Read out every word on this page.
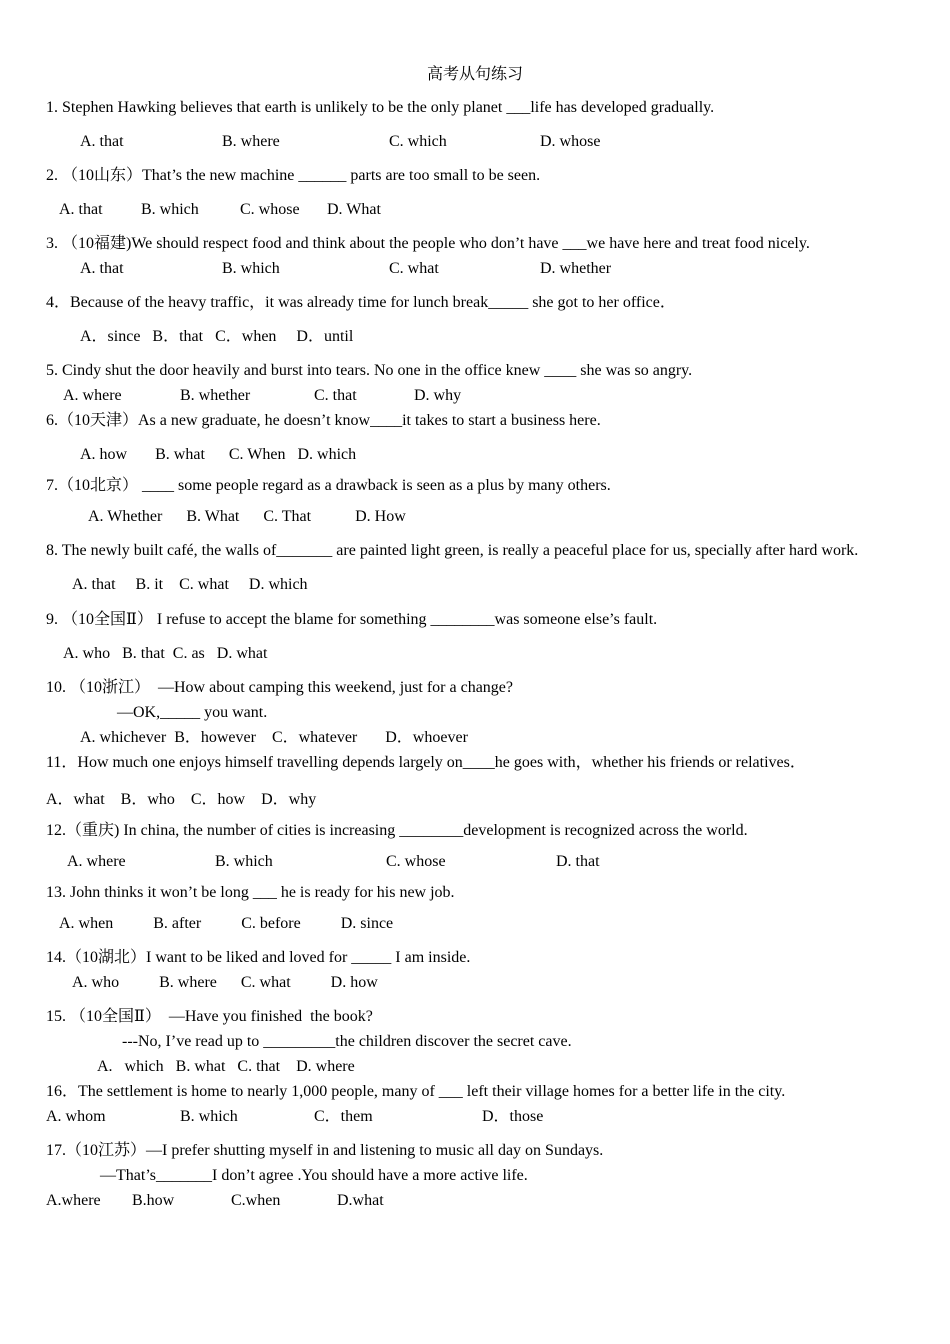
高考从句练习
1. Stephen Hawking believes that earth is unlikely to be the only planet ___life has developed gradually.
A. that	B. where	C. which	D. whose
2. （10山东）That’s the new machine ______ parts are too small to be seen.
A. that B. which	C. whose D. What
3. （10福建)We should respect food and think about the people who don’t have ___we have here and treat food nicely.
A. that	B. which	C. what	D. whether
4．Because of the heavy traffic，it was already time for lunch break_____ she got to her office．
A．since   B．that   C．when     D．until
5. Cindy shut the door heavily and burst into tears. No one in the office knew ____ she was so angry.
A. where	B. whether	C. that	D. why
6.（10天津）As a new graduate, he doesn’t know____it takes to start a business here.
A. how       B. what      C. When   D. which
7.（10北京） ____ some people regard as a drawback is seen as a plus by many others.
A. Whether      B. What      C. That           D. How
8. The newly built café, the walls of_______ are painted light green, is really a peaceful place for us, specially after hard work.
A. that     B. it    C. what     D. which
9. （10全国Ⅱ） I refuse to accept the blame for something ________was someone else’s fault.
A. who   B. that  C. as   D. what
10. （10浙江）  —How about camping this weekend, just for a change?
—OK,_____ you want.
A. whichever  B．however    C．whatever       D．whoever
11．How much one enjoys himself travelling depends largely on____he goes with，whether his friends or relatives．
A．what    B．who    C．how    D．why
12.（重庆) In china, the number of cities is increasing ________development is recognized across the world.
A. where	B. which	C. whose	D. that
13. John thinks it won’t be long ___ he is ready for his new job.
A. when          B. after          C. before          D. since
14.（10湖北）I want to be liked and loved for _____ I am inside.
A. who          B. where      C. what          D. how
15. （10全国Ⅱ）  —Have you finished  the book?
---No, I’ve read up to _________the children discover the secret cave.
A.   which   B. what   C. that    D. where
16．The settlement is home to nearly 1,000 people, many of ___ left their village homes for a better life in the city.
A. whom	B. which	C．them	D．those
17.（10江苏）—I prefer shutting myself in and listening to music all day on Sundays.
—That’s_______I don’t agree .You should have a more active life.
A.where B.how	C.when	D.what
